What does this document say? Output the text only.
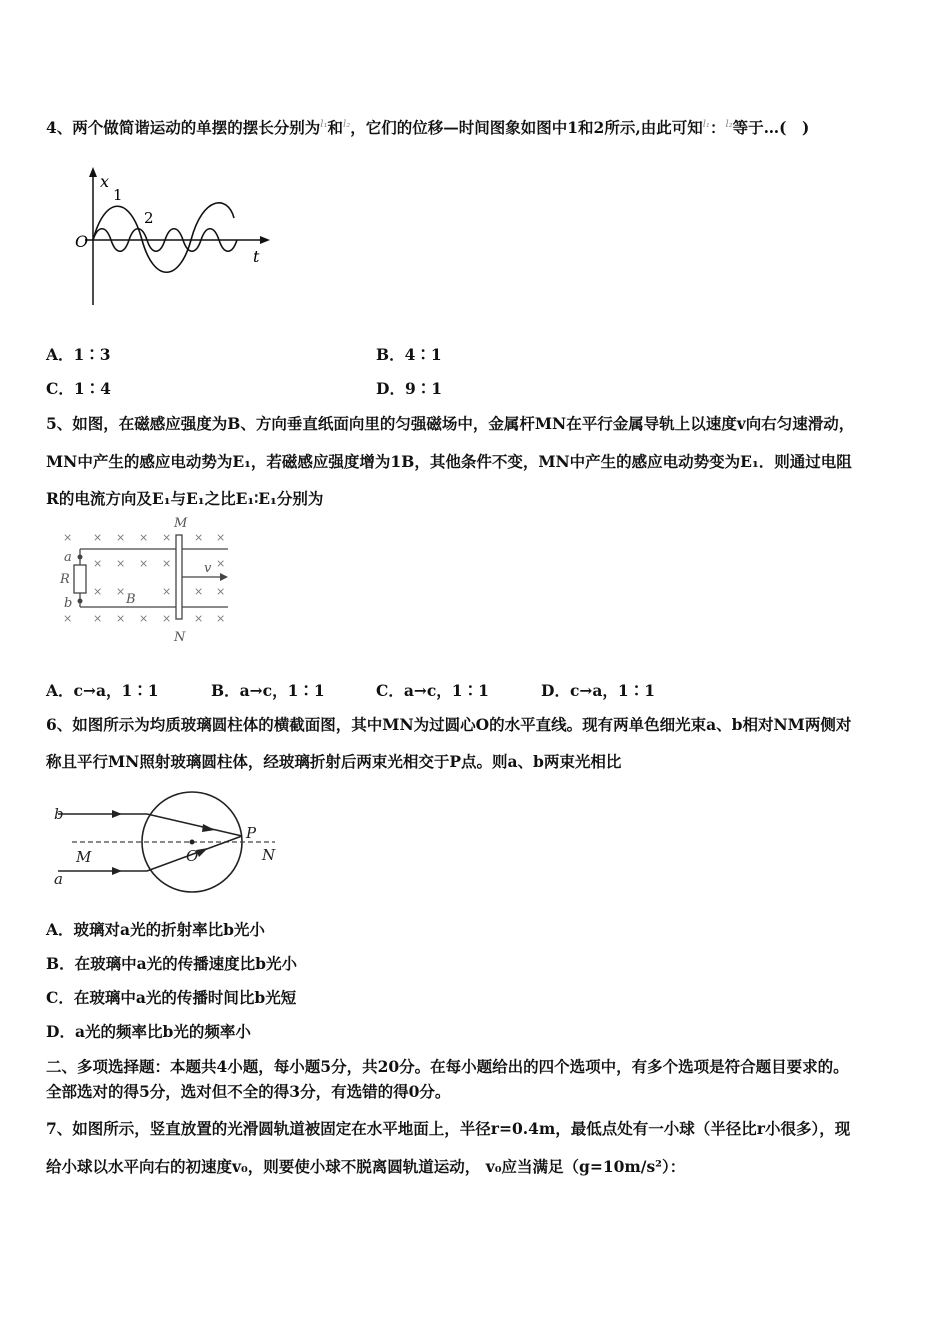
4、两个做简谐运动的单摆的摆长分别为$^{l_1}$和$^{l_2}$，它们的位移—时间图象如图中1和2所示,由此可知$^{l_1}$：$^{l_2}$等于…(　)
x
1
2
O
t
A．1∶3	B．4∶1
C．1∶4	D．9∶1
5、如图，在磁感应强度为B、方向垂直纸面向里的匀强磁场中，金属杆MN在平行金属导轨上以速度v向右匀速滑动，
MN中产生的感应电动势为E₁，若磁感应强度增为1B，其他条件不变，MN中产生的感应电动势变为E₁．则通过电阻
R的电流方向及E₁与E₁之比E₁∶E₁分别为
× × × × × × ×
× × × ×	×
× ×	× × ×
× × × × × × ×
M
N
a
b
R
B
v
A．c→a，1∶1	B．a→c，1∶1	C．a→c，1∶1	D．c→a，1∶1
6、如图所示为均质玻璃圆柱体的横截面图，其中MN为过圆心O的水平直线。现有两单色细光束a、b相对NM两侧对
称且平行MN照射玻璃圆柱体，经玻璃折射后两束光相交于P点。则a、b两束光相比
b
a
M	O
P
N
A．玻璃对a光的折射率比b光小
B．在玻璃中a光的传播速度比b光小
C．在玻璃中a光的传播时间比b光短
D．a光的频率比b光的频率小
二、多项选择题：本题共4小题，每小题5分，共20分。在每小题给出的四个选项中，有多个选项是符合题目要求的。
全部选对的得5分，选对但不全的得3分，有选错的得0分。
7、如图所示，竖直放置的光滑圆轨道被固定在水平地面上，半径r=0.4m，最低点处有一小球（半径比r小很多），现
给小球以水平向右的初速度v₀，则要使小球不脱离圆轨道运动， v₀应当满足（g=10m/s²）：
